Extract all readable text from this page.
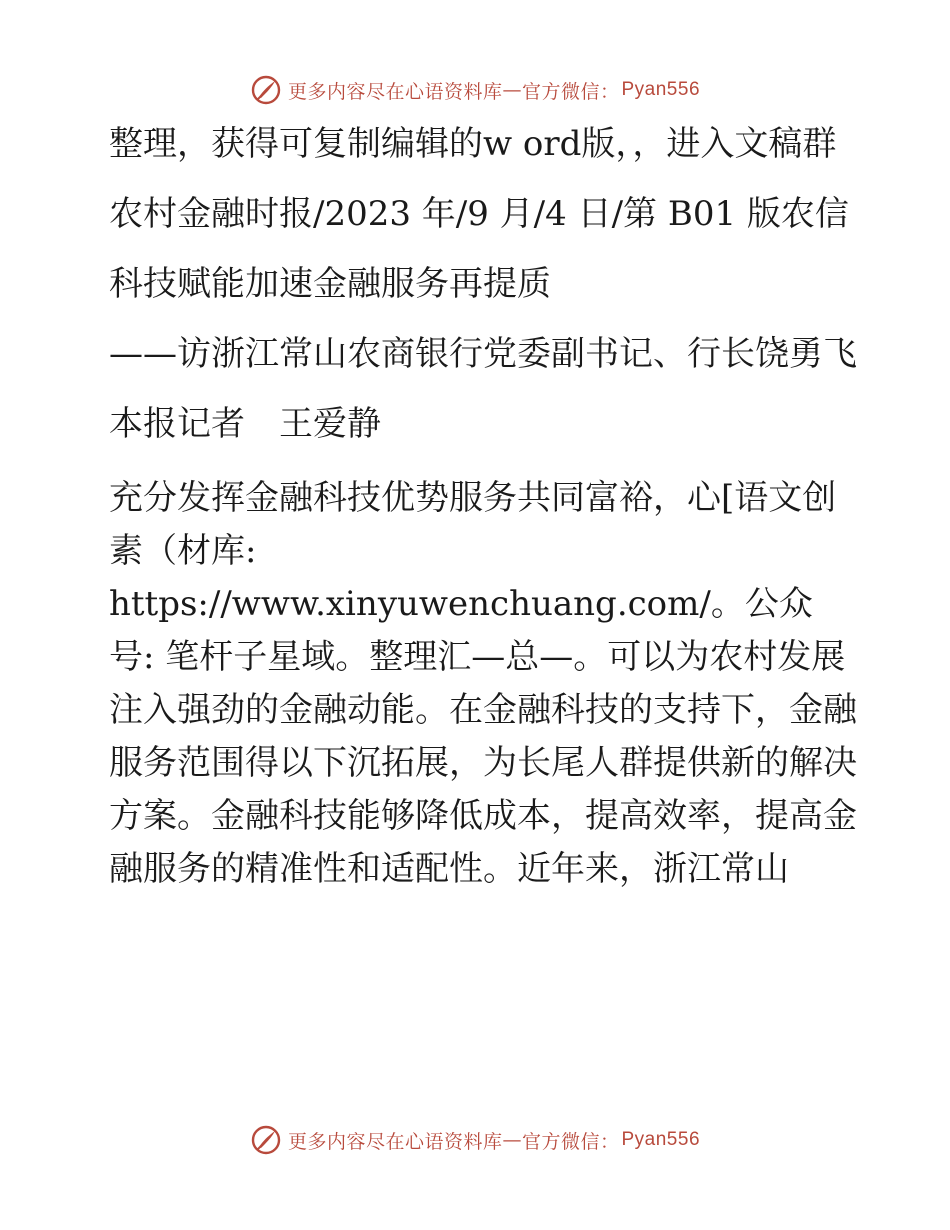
更多内容尽在心语资料库 — 官方微信： Pyan556

整理，获得可复制编辑的w ord版，，进入文稿群

农村金融时报/2023 年/9 月/4 日/第 B01 版农信

科技赋能加速金融服务再提质

——访浙江常山农商银行党委副书记、行长饶勇飞

本报记者　王爱静

充分发挥金融科技优势服务共同富裕，心[语文创素（材库: https://www.xinyuwenchuang.com/。公众号: 笔杆子星域。整理汇—总—。可以为农村发展注入强劲的金融动能。在金融科技的支持下，金融服务范围得以下沉拓展，为长尾人群提供新的解决方案。金融科技能够降低成本，提高效率，提高金融服务的精准性和适配性。近年来，浙江常山

更多内容尽在心语资料库 — 官方微信： Pyan556
